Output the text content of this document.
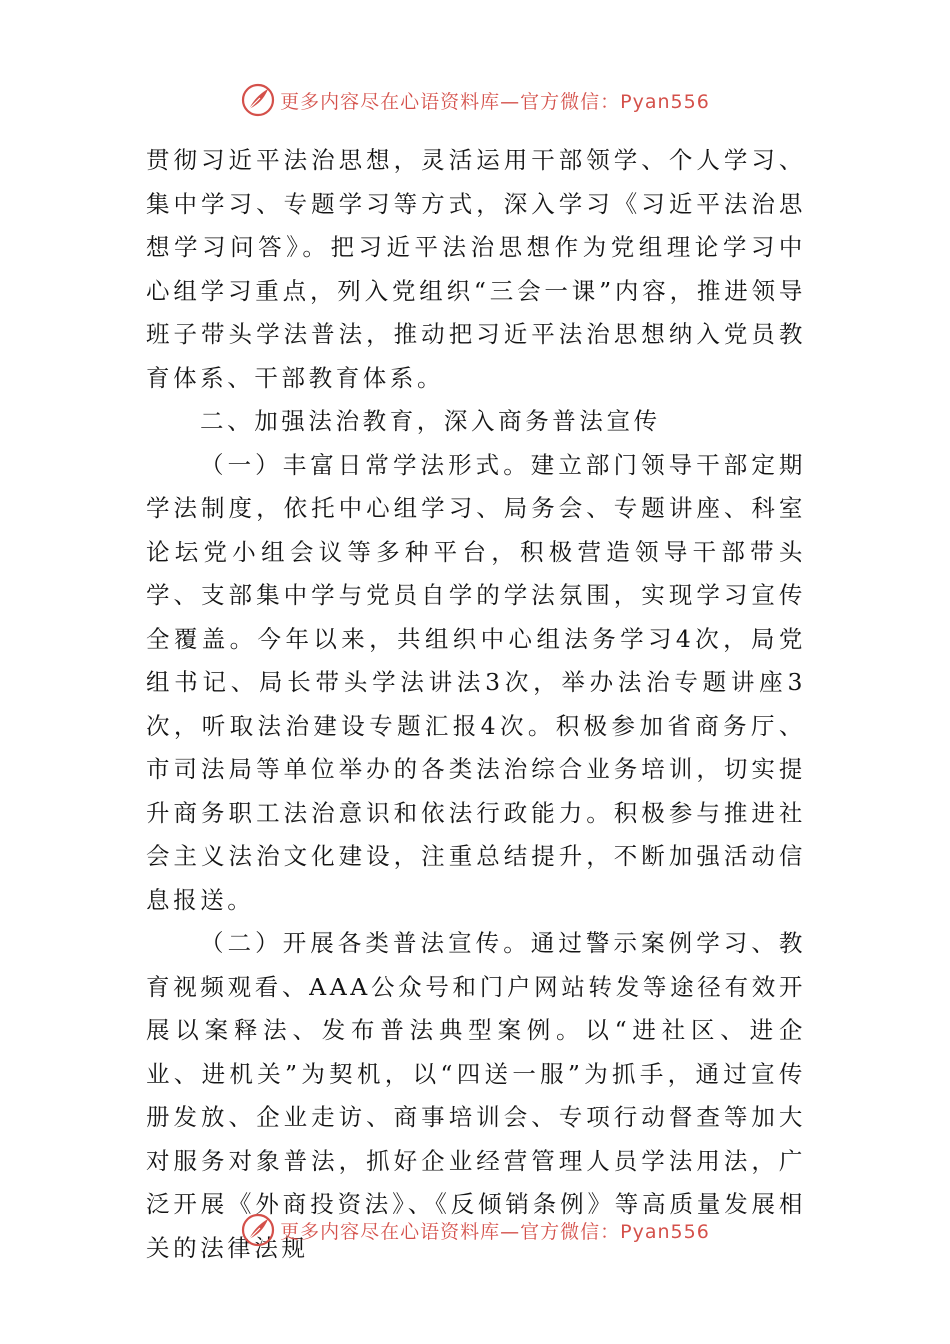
更多内容尽在心语资料库—官方微信：Pyan556

贯彻习近平法治思想，灵活运用干部领学、个人学习、集中学习、专题学习等方式，深入学习《习近平法治思想学习问答》。把习近平法治思想作为党组理论学习中心组学习重点，列入党组织“三会一课”内容，推进领导班子带头学法普法，推动把习近平法治思想纳入党员教育体系、干部教育体系。

二、加强法治教育，深入商务普法宣传

（一）丰富日常学法形式。建立部门领导干部定期学法制度，依托中心组学习、局务会、专题讲座、科室论坛党小组会议等多种平台，积极营造领导干部带头学、支部集中学与党员自学的学法氛围，实现学习宣传全覆盖。今年以来，共组织中心组法务学习4次，局党组书记、局长带头学法讲法3次，举办法治专题讲座3次，听取法治建设专题汇报4次。积极参加省商务厅、市司法局等单位举办的各类法治综合业务培训，切实提升商务职工法治意识和依法行政能力。积极参与推进社会主义法治文化建设，注重总结提升，不断加强活动信息报送。

（二）开展各类普法宣传。通过警示案例学习、教育视频观看、AAA公众号和门户网站转发等途径有效开展以案释法、发布普法典型案例。以“进社区、进企业、进机关”为契机，以“四送一服”为抓手，通过宣传册发放、企业走访、商事培训会、专项行动督查等加大对服务对象普法，抓好企业经营管理人员学法用法，广泛开展《外商投资法》、《反倾销条例》等高质量发展相关的法律法规

更多内容尽在心语资料库—官方微信：Pyan556
